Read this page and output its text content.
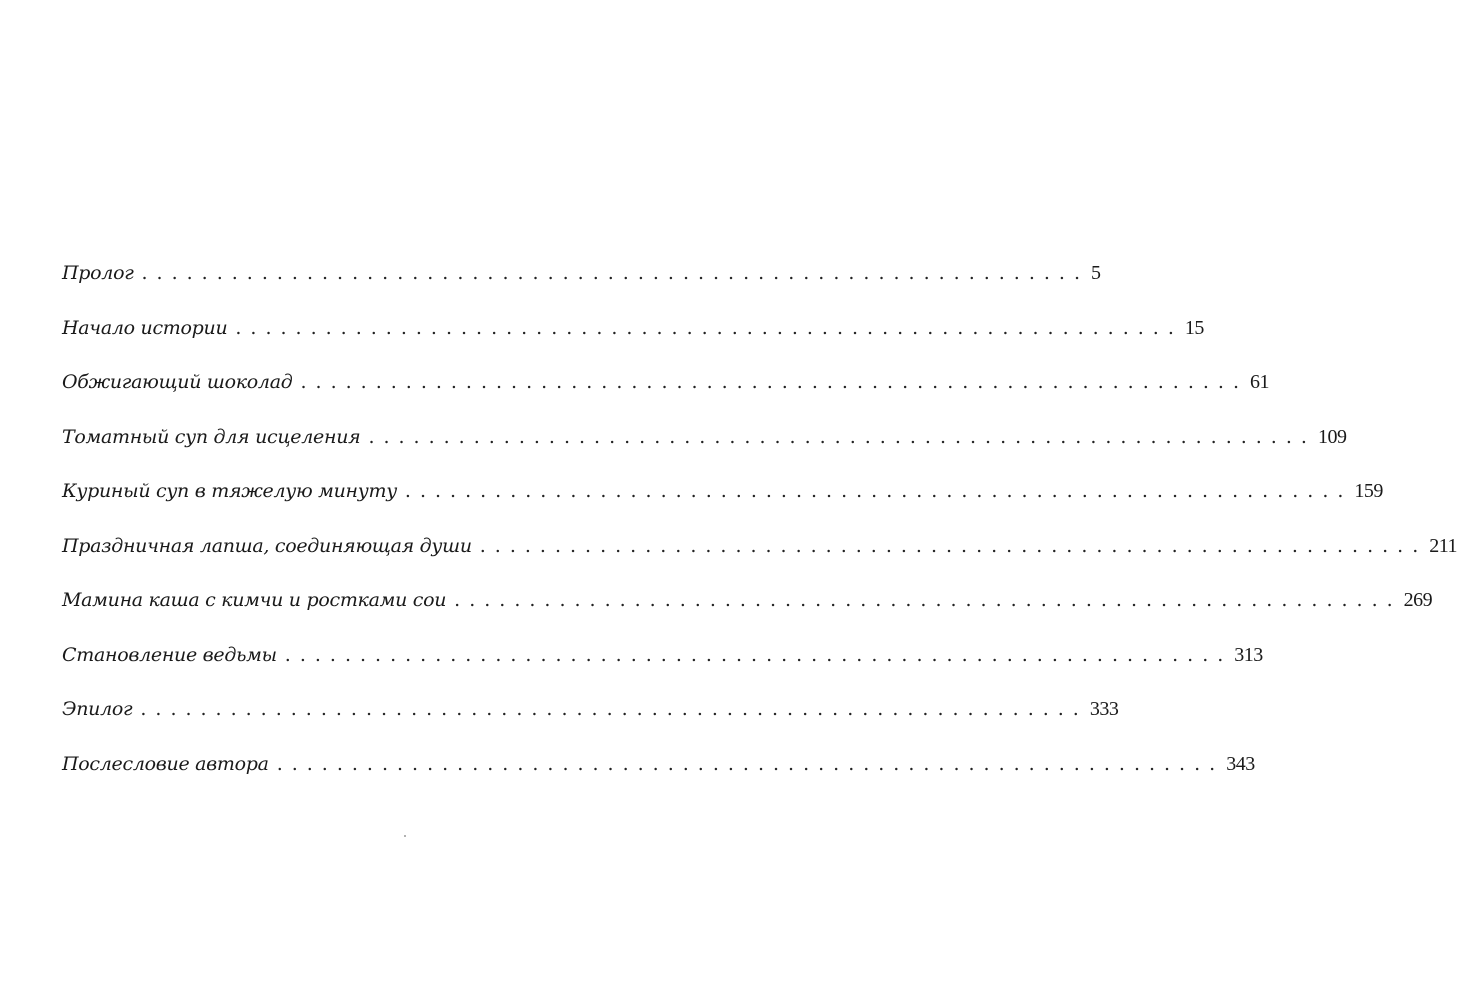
Пролог ............................................................... 5
Начало истории ............................................................... 15
Обжигающий шоколад ............................................................... 61
Томатный суп для исцеления ............................................................... 109
Куриный суп в тяжелую минуту ............................................................... 159
Праздничная лапша, соединяющая души ............................................................... 211
Мамина каша с кимчи и ростками сои ............................................................... 269
Становление ведьмы ............................................................... 313
Эпилог ............................................................... 333
Послесловие автора ............................................................... 343
